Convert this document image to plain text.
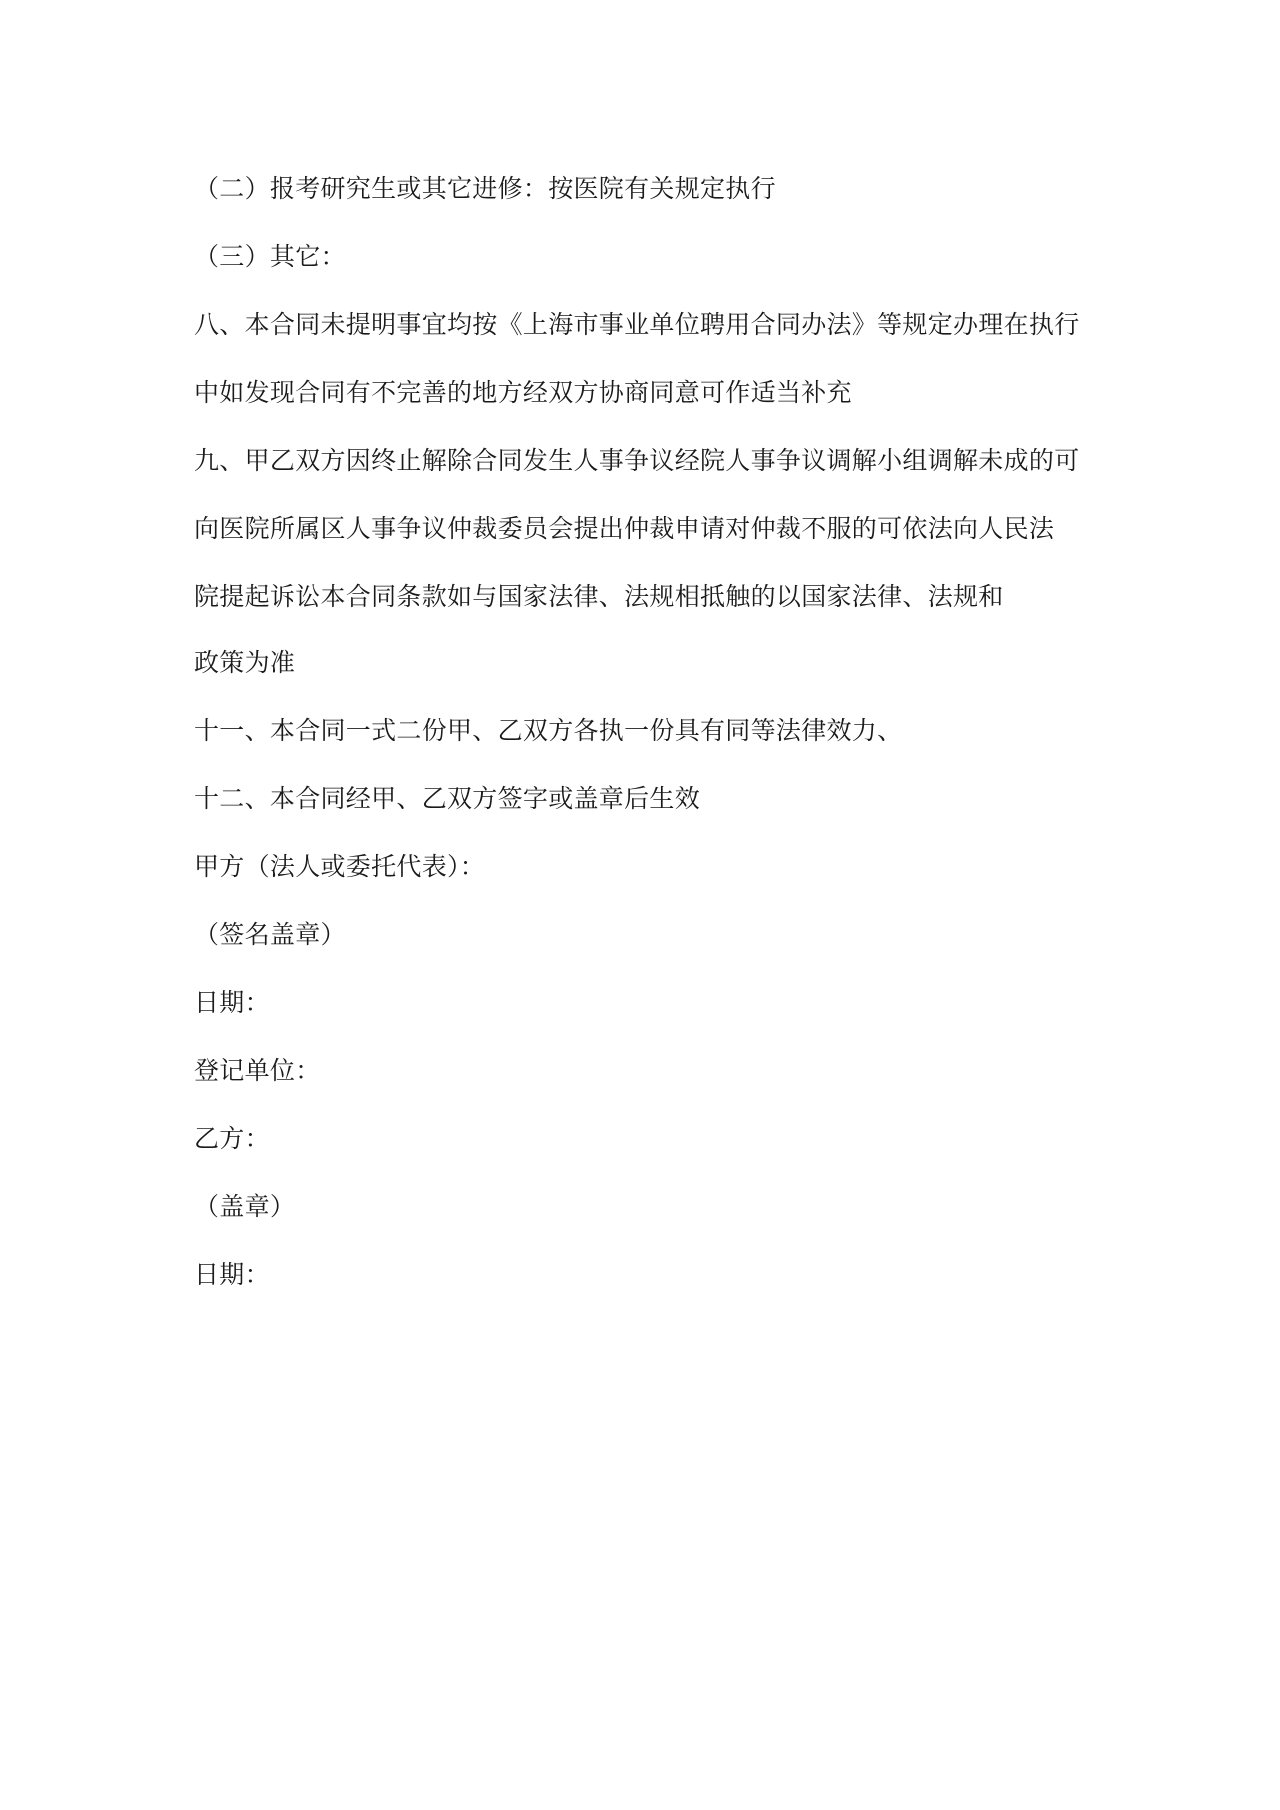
（二）报考研究生或其它进修：按医院有关规定执行
（三）其它：
八、本合同未提明事宜均按《上海市事业单位聘用合同办法》等规定办理在执行
中如发现合同有不完善的地方经双方协商同意可作适当补充
九、甲乙双方因终止解除合同发生人事争议经院人事争议调解小组调解未成的可
向医院所属区人事争议仲裁委员会提出仲裁申请对仲裁不服的可依法向人民法
院提起诉讼本合同条款如与国家法律、法规相抵触的以国家法律、法规和
政策为准
十一、本合同一式二份甲、乙双方各执一份具有同等法律效力、
十二、本合同经甲、乙双方签字或盖章后生效
甲方（法人或委托代表）：
（签名盖章）
日期：
登记单位：
乙方：
（盖章）
日期：
